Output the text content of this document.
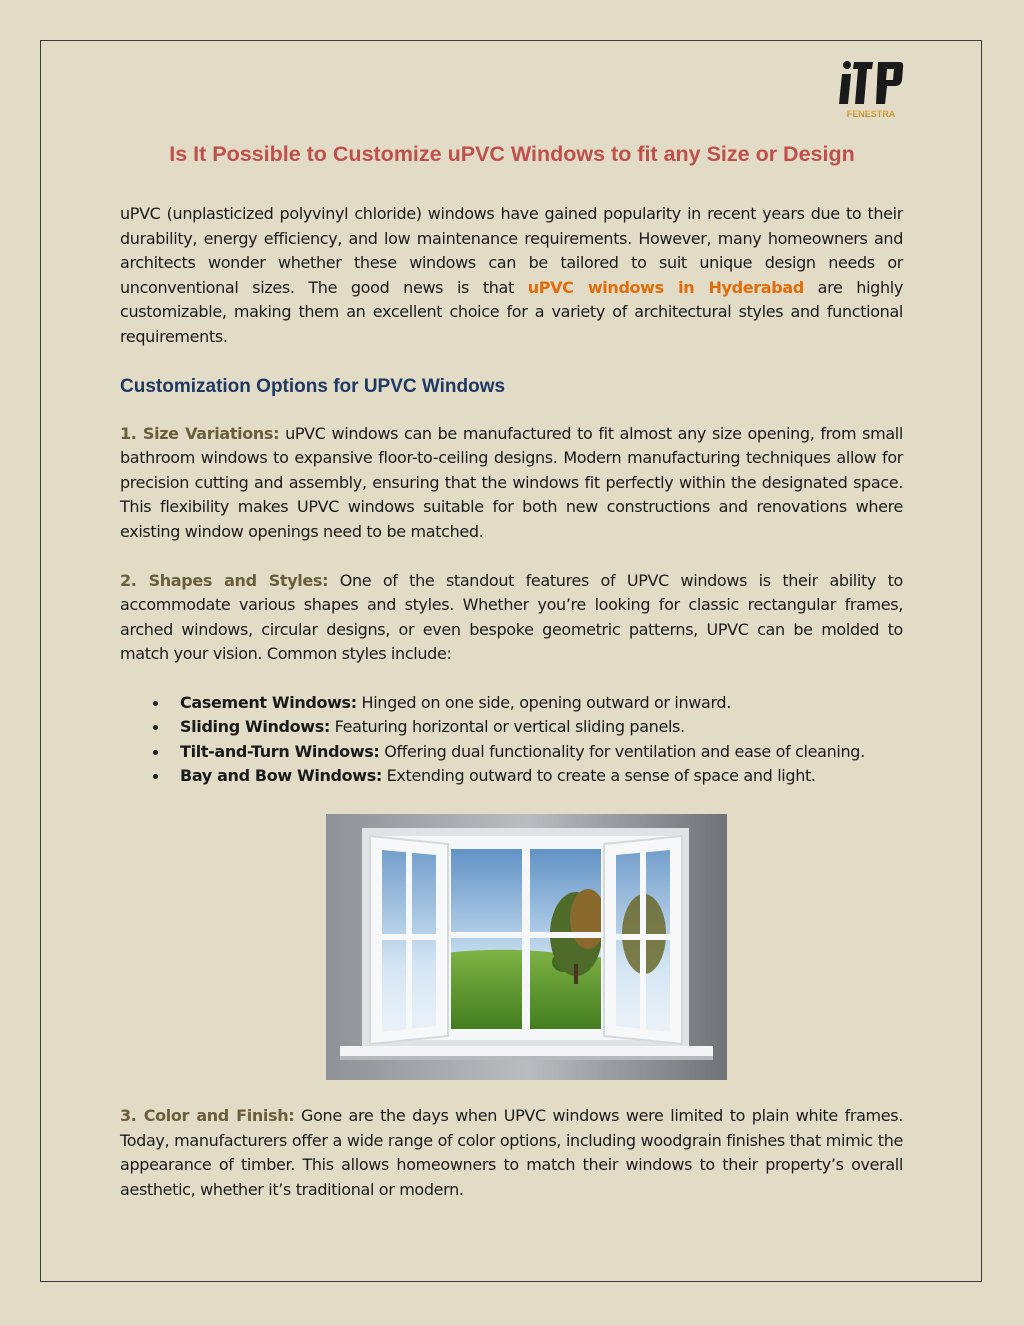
FENESTRA
Is It Possible to Customize uPVC Windows to fit any Size or Design

uPVC (unplasticized polyvinyl chloride) windows have gained popularity in recent years due to their durability, energy efficiency, and low maintenance requirements. However, many homeowners and architects wonder whether these windows can be tailored to suit unique design needs or unconventional sizes. The good news is that uPVC windows in Hyderabad are highly customizable, making them an excellent choice for a variety of architectural styles and functional requirements.

Customization Options for UPVC Windows

1. Size Variations: uPVC windows can be manufactured to fit almost any size opening, from small bathroom windows to expansive floor-to-ceiling designs. Modern manufacturing techniques allow for precision cutting and assembly, ensuring that the windows fit perfectly within the designated space. This flexibility makes UPVC windows suitable for both new constructions and renovations where existing window openings need to be matched.

2. Shapes and Styles: One of the standout features of UPVC windows is their ability to accommodate various shapes and styles. Whether you’re looking for classic rectangular frames, arched windows, circular designs, or even bespoke geometric patterns, UPVC can be molded to match your vision. Common styles include:

Casement Windows: Hinged on one side, opening outward or inward.
Sliding Windows: Featuring horizontal or vertical sliding panels.
Tilt-and-Turn Windows: Offering dual functionality for ventilation and ease of cleaning.
Bay and Bow Windows: Extending outward to create a sense of space and light.

3. Color and Finish: Gone are the days when UPVC windows were limited to plain white frames. Today, manufacturers offer a wide range of color options, including woodgrain finishes that mimic the appearance of timber. This allows homeowners to match their windows to their property’s overall aesthetic, whether it’s traditional or modern.
